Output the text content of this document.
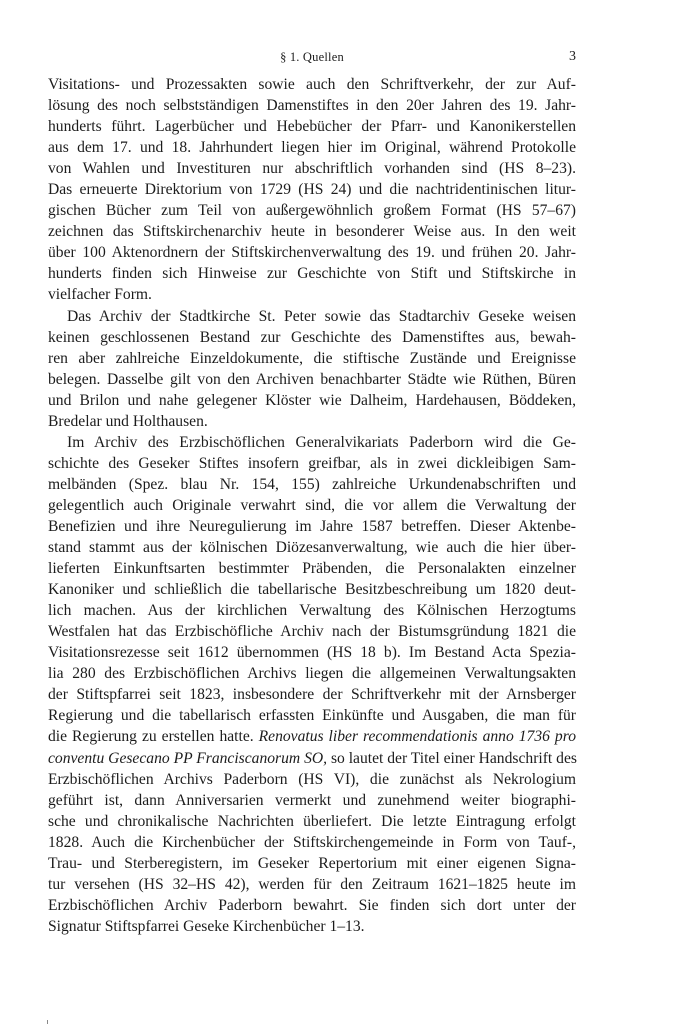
§ 1. Quellen	3
Visitations- und Prozessakten sowie auch den Schriftverkehr, der zur Auf-
lösung des noch selbstständigen Damenstiftes in den 20er Jahren des 19. Jahr-
hunderts führt. Lagerbücher und Hebebücher der Pfarr- und Kanonikerstellen
aus dem 17. und 18. Jahrhundert liegen hier im Original, während Protokolle
von Wahlen und Investituren nur abschriftlich vorhanden sind (HS 8–23).
Das erneuerte Direktorium von 1729 (HS 24) und die nachtridentinischen litur-
gischen Bücher zum Teil von außergewöhnlich großem Format (HS 57–67)
zeichnen das Stiftskirchenarchiv heute in besonderer Weise aus. In den weit
über 100 Aktenordnern der Stiftskirchenverwaltung des 19. und frühen 20. Jahr-
hunderts finden sich Hinweise zur Geschichte von Stift und Stiftskirche in
vielfacher Form.
Das Archiv der Stadtkirche St. Peter sowie das Stadtarchiv Geseke weisen
keinen geschlossenen Bestand zur Geschichte des Damenstiftes aus, bewah-
ren aber zahlreiche Einzeldokumente, die stiftische Zustände und Ereignisse
belegen. Dasselbe gilt von den Archiven benachbarter Städte wie Rüthen, Büren
und Brilon und nahe gelegener Klöster wie Dalheim, Hardehausen, Böddeken,
Bredelar und Holthausen.
Im Archiv des Erzbischöflichen Generalvikariats Paderborn wird die Ge-
schichte des Geseker Stiftes insofern greifbar, als in zwei dickleibigen Sam-
melbänden (Spez. blau Nr. 154, 155) zahlreiche Urkundenabschriften und
gelegentlich auch Originale verwahrt sind, die vor allem die Verwaltung der
Benefizien und ihre Neuregulierung im Jahre 1587 betreffen. Dieser Aktenbe-
stand stammt aus der kölnischen Diözesanverwaltung, wie auch die hier über-
lieferten Einkunftsarten bestimmter Präbenden, die Personalakten einzelner
Kanoniker und schließlich die tabellarische Besitzbeschreibung um 1820 deut-
lich machen. Aus der kirchlichen Verwaltung des Kölnischen Herzogtums
Westfalen hat das Erzbischöfliche Archiv nach der Bistumsgründung 1821 die
Visitationsrezesse seit 1612 übernommen (HS 18 b). Im Bestand Acta Spezia-
lia 280 des Erzbischöflichen Archivs liegen die allgemeinen Verwaltungsakten
der Stiftspfarrei seit 1823, insbesondere der Schriftverkehr mit der Arnsberger
Regierung und die tabellarisch erfassten Einkünfte und Ausgaben, die man für
die Regierung zu erstellen hatte. Renovatus liber recommendationis anno 1736 pro
conventu Gesecano PP Franciscanorum SO, so lautet der Titel einer Handschrift des
Erzbischöflichen Archivs Paderborn (HS VI), die zunächst als Nekrologium
geführt ist, dann Anniversarien vermerkt und zunehmend weiter biographi-
sche und chronikalische Nachrichten überliefert. Die letzte Eintragung erfolgt
1828. Auch die Kirchenbücher der Stiftskirchengemeinde in Form von Tauf-,
Trau- und Sterberegistern, im Geseker Repertorium mit einer eigenen Signa-
tur versehen (HS 32–HS 42), werden für den Zeitraum 1621–1825 heute im
Erzbischöflichen Archiv Paderborn bewahrt. Sie finden sich dort unter der
Signatur Stiftspfarrei Geseke Kirchenbücher 1–13.
